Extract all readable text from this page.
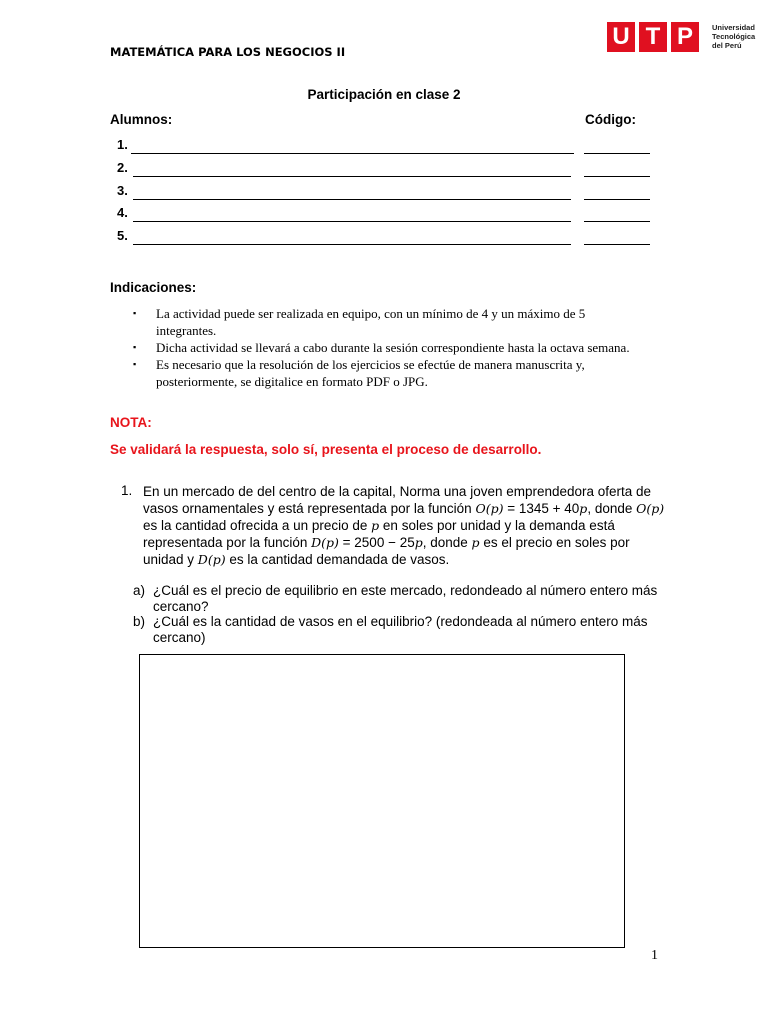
MATEMÁTICA PARA LOS NEGOCIOS II
U T P	Universidad
Tecnológica
del Perú
Participación en clase 2
Alumnos:	Código:
1.
2.
3.
4.
5.
Indicaciones:
▪ La actividad puede ser realizada en equipo, con un mínimo de 4 y un máximo de 5 integrantes.
▪ Dicha actividad se llevará a cabo durante la sesión correspondiente hasta la octava semana.
▪ Es necesario que la resolución de los ejercicios se efectúe de manera manuscrita y, posteriormente, se digitalice en formato PDF o JPG.
NOTA:
Se validará la respuesta, solo sí, presenta el proceso de desarrollo.
1. En un mercado de del centro de la capital, Norma una joven emprendedora oferta de vasos ornamentales y está representada por la función O(p) = 1345 + 40p, donde O(p) es la cantidad ofrecida a un precio de p en soles por unidad y la demanda está representada por la función D(p) = 2500 − 25p, donde p es el precio en soles por unidad y D(p) es la cantidad demandada de vasos.
a) ¿Cuál es el precio de equilibrio en este mercado, redondeado al número entero más cercano?
b) ¿Cuál es la cantidad de vasos en el equilibrio? (redondeada al número entero más cercano)
1
